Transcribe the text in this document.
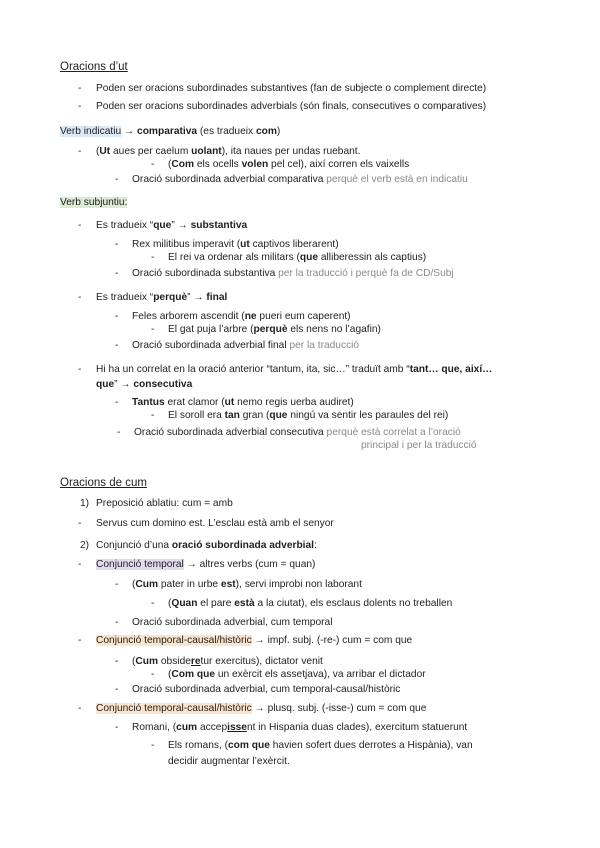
Oracions d’ut
- Poden ser oracions subordinades substantives (fan de subjecte o complement directe)
- Poden ser oracions subordinades adverbials (són finals, consecutives o comparatives)
Verb indicatiu → comparativa (es tradueix com)
- (Ut aues per caelum uolant), ita naues per undas ruebant.
- (Com els ocells volen pel cel), així corren els vaixells
- Oració subordinada adverbial comparativa perquè el verb està en indicatiu
Verb subjuntiu:
- Es tradueix “que” → substantiva
- Rex militibus imperavit (ut captivos liberarent)
- El rei va ordenar als militars (que alliberessin als captius)
- Oració subordinada substantiva per la traducció i perquè fa de CD/Subj
- Es tradueix “perquè” → final
- Feles arborem ascendit (ne pueri eum caperent)
- El gat puja l’arbre (perquè els nens no l’agafin)
- Oració subordinada adverbial final per la traducció
- Hi ha un correlat en la oració anterior “tantum, ita, sic…” traduït amb “tant… que, així…
que” → consecutiva
- Tantus erat clamor (ut nemo regis uerba audiret)
- El soroll era tan gran (que ningú va sentir les paraules del rei)
- Oració subordinada adverbial consecutiva perquè està correlat a l’oració
principal i per la traducció
Oracions de cum
1) Preposició ablatiu: cum = amb
- Servus cum domino est. L’esclau està amb el senyor
2) Conjunció d’una oració subordinada adverbial:
- Conjunció temporal → altres verbs (cum = quan)
- (Cum pater in urbe est), servi improbi non laborant
- (Quan el pare està a la ciutat), els esclaus dolents no treballen
- Oració subordinada adverbial, cum temporal
- Conjunció temporal-causal/històric → impf. subj. (-re-) cum = com que
- (Cum obsideretur exercitus), dictator venit
- (Com que un exèrcit els assetjava), va arribar el dictador
- Oració subordinada adverbial, cum temporal-causal/històric
- Conjunció temporal-causal/històric → plusq. subj. (-isse-) cum = com que
- Romani, (cum accepissent in Hispania duas clades), exercitum statuerunt
- Els romans, (com que havien sofert dues derrotes a Hispània), van
decidir augmentar l’exèrcit.
